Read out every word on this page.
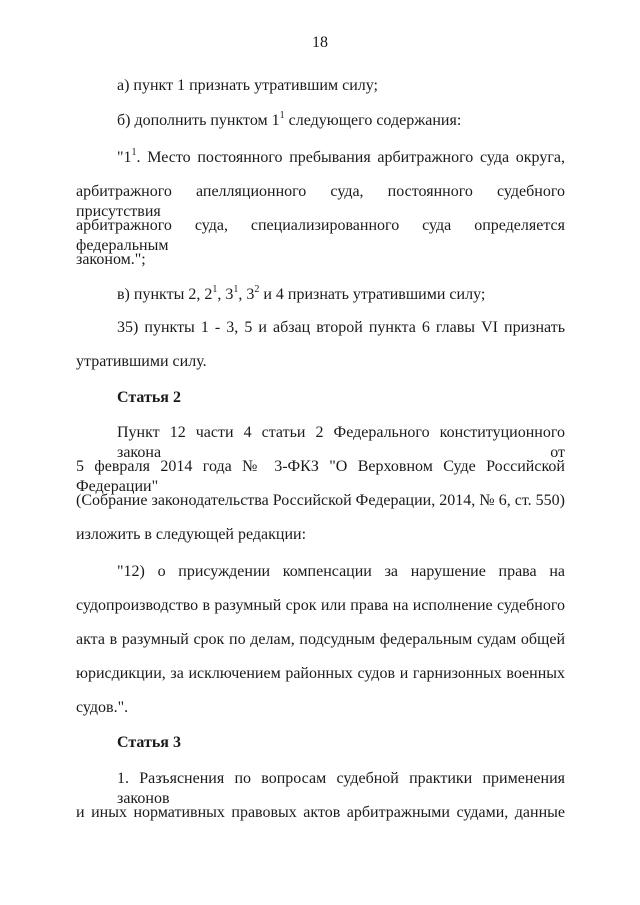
18
а) пункт 1 признать утратившим силу;
б) дополнить пунктом $1^1$ следующего содержания:
"$1^1$. Место постоянного пребывания арбитражного суда округа,
арбитражного апелляционного суда, постоянного судебного присутствия
арбитражного суда, специализированного суда определяется федеральным
законом.";
в) пункты 2, $2^1$, $3^1$, $3^2$ и 4 признать утратившими силу;
35) пункты 1 - 3, 5 и абзац второй пункта 6 главы VI признать
утратившими силу.
Статья 2
Пункт 12 части 4 статьи 2 Федерального конституционного закона от
5 февраля 2014 года № 3-ФКЗ "О Верховном Суде Российской Федерации"
(Собрание законодательства Российской Федерации, 2014, № 6, ст. 550)
изложить в следующей редакции:
"12) о присуждении компенсации за нарушение права на
судопроизводство в разумный срок или права на исполнение судебного
акта в разумный срок по делам, подсудным федеральным судам общей
юрисдикции, за исключением районных судов и гарнизонных военных
судов.".
Статья 3
1. Разъяснения по вопросам судебной практики применения законов
и иных нормативных правовых актов арбитражными судами, данные
